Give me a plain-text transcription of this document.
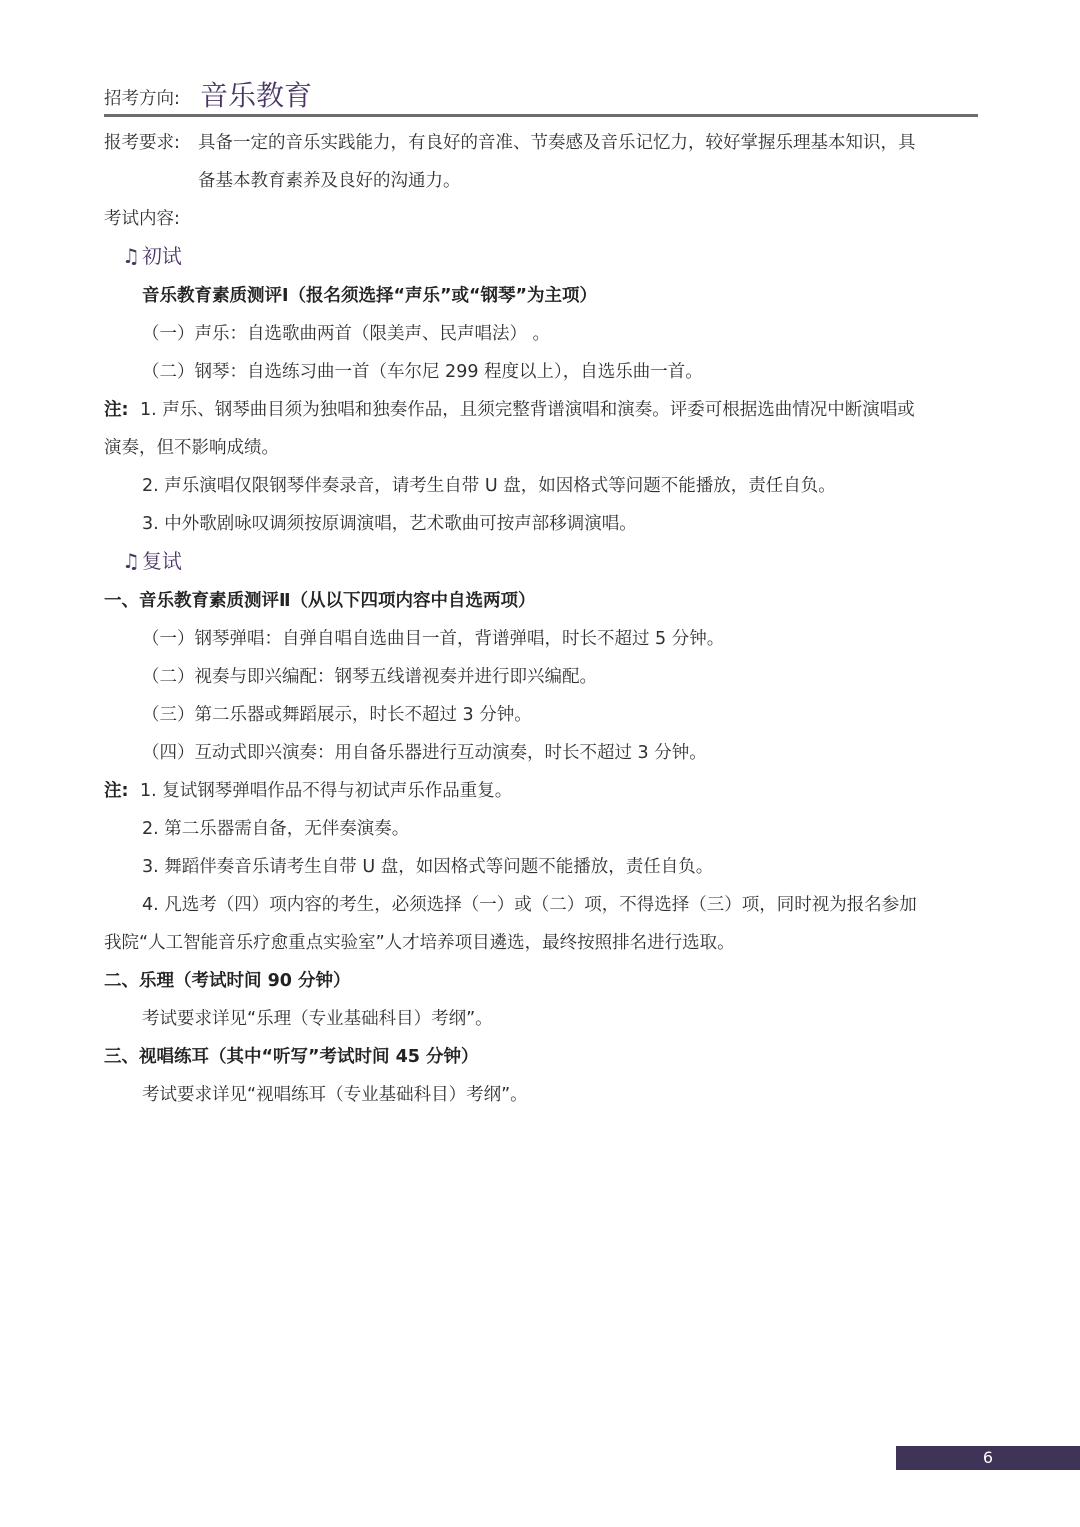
招考方向: 音乐教育
报考要求: 具备一定的音乐实践能力，有良好的音准、节奏感及音乐记忆力，较好掌握乐理基本知识，具
备基本教育素养及良好的沟通力。
考试内容:
♫ 初试
音乐教育素质测评Ⅰ（报名须选择“声乐”或“钢琴”为主项）
（一）声乐：自选歌曲两首（限美声、民声唱法） 。
（二）钢琴：自选练习曲一首（车尔尼 299 程度以上），自选乐曲一首。
注: 1. 声乐、钢琴曲目须为独唱和独奏作品，且须完整背谱演唱和演奏。评委可根据选曲情况中断演唱或
演奏，但不影响成绩。
2. 声乐演唱仅限钢琴伴奏录音，请考生自带 U 盘，如因格式等问题不能播放，责任自负。
3. 中外歌剧咏叹调须按原调演唱，艺术歌曲可按声部移调演唱。
♫ 复试
一、音乐教育素质测评Ⅱ（从以下四项内容中自选两项）
（一）钢琴弹唱：自弹自唱自选曲目一首，背谱弹唱，时长不超过 5 分钟。
（二）视奏与即兴编配：钢琴五线谱视奏并进行即兴编配。
（三）第二乐器或舞蹈展示，时长不超过 3 分钟。
（四）互动式即兴演奏：用自备乐器进行互动演奏，时长不超过 3 分钟。
注: 1. 复试钢琴弹唱作品不得与初试声乐作品重复。
2. 第二乐器需自备，无伴奏演奏。
3. 舞蹈伴奏音乐请考生自带 U 盘，如因格式等问题不能播放，责任自负。
4. 凡选考（四）项内容的考生，必须选择（一）或（二）项，不得选择（三）项，同时视为报名参加
我院“人工智能音乐疗愈重点实验室”人才培养项目遴选，最终按照排名进行选取。
二、乐理（考试时间 90 分钟）
考试要求详见“乐理（专业基础科目）考纲”。
三、视唱练耳（其中“听写”考试时间 45 分钟）
考试要求详见“视唱练耳（专业基础科目）考纲”。
6
